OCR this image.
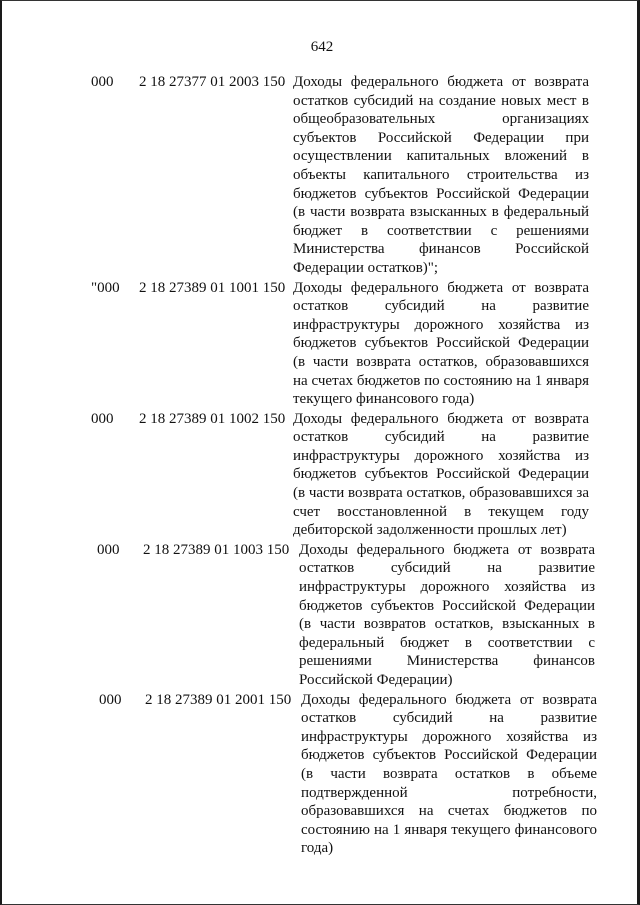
642
000 2 18 27377 01 2003 150 Доходы федерального бюджета от возврата остатков субсидий на создание новых мест в общеобразовательных организациях субъектов Российской Федерации при осуществлении капитальных вложений в объекты капитального строительства из бюджетов субъектов Российской Федерации (в части возврата взысканных в федеральный бюджет в соответствии с решениями Министерства финансов Российской Федерации остатков)";
"000 2 18 27389 01 1001 150 Доходы федерального бюджета от возврата остатков субсидий на развитие инфраструктуры дорожного хозяйства из бюджетов субъектов Российской Федерации (в части возврата остатков, образовавшихся на счетах бюджетов по состоянию на 1 января текущего финансового года)
000 2 18 27389 01 1002 150 Доходы федерального бюджета от возврата остатков субсидий на развитие инфраструктуры дорожного хозяйства из бюджетов субъектов Российской Федерации (в части возврата остатков, образовавшихся за счет восстановленной в текущем году дебиторской задолженности прошлых лет)
000 2 18 27389 01 1003 150 Доходы федерального бюджета от возврата остатков субсидий на развитие инфраструктуры дорожного хозяйства из бюджетов субъектов Российской Федерации (в части возвратов остатков, взысканных в федеральный бюджет в соответствии с решениями Министерства финансов Российской Федерации)
000 2 18 27389 01 2001 150 Доходы федерального бюджета от возврата остатков субсидий на развитие инфраструктуры дорожного хозяйства из бюджетов субъектов Российской Федерации (в части возврата остатков в объеме подтвержденной потребности, образовавшихся на счетах бюджетов по состоянию на 1 января текущего финансового года)
